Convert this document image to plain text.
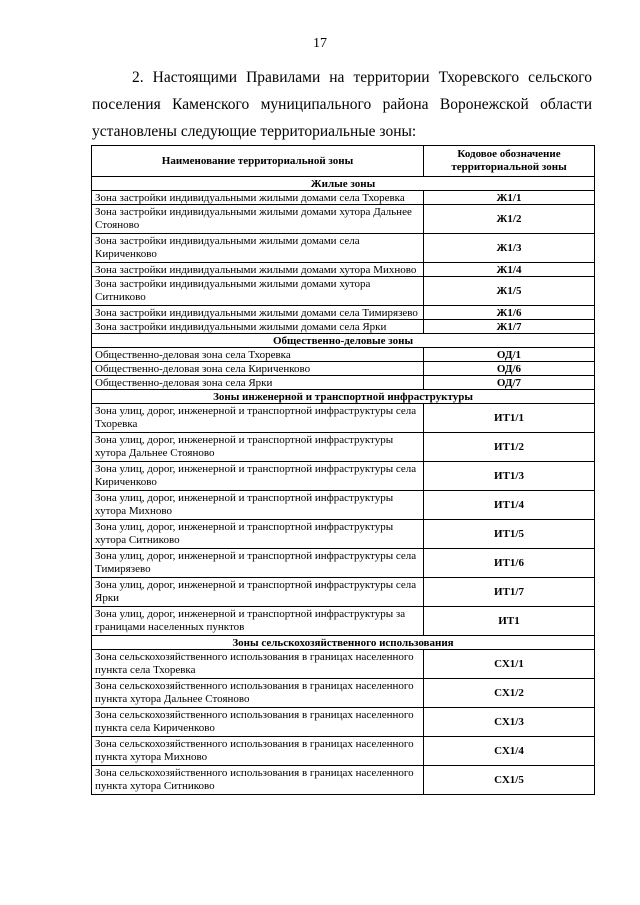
17
2. Настоящими Правилами на территории Тхоревского сельского
поселения Каменского муниципального района Воронежской области
установлены следующие территориальные зоны:
Наименование территориальной зоны	Кодовое обозначение территориальной зоны
Жилые зоны	
Зона застройки индивидуальными жилыми домами села Тхоревка	Ж1/1
Зона застройки индивидуальными жилыми домами хутора Дальнее Стояново	Ж1/2
Зона застройки индивидуальными жилыми домами села Кириченково	Ж1/3
Зона застройки индивидуальными жилыми домами хутора Михново	Ж1/4
Зона застройки индивидуальными жилыми домами хутора Ситниково	Ж1/5
Зона застройки индивидуальными жилыми домами села Тимирязево	Ж1/6
Зона застройки индивидуальными жилыми домами села Ярки	Ж1/7
Общественно-деловые зоны	
Общественно-деловая зона села Тхоревка	ОД/1
Общественно-деловая зона села Кириченково	ОД/6
Общественно-деловая зона села Ярки	ОД/7
Зоны инженерной и транспортной инфраструктуры	
Зона улиц, дорог, инженерной и транспортной инфраструктуры села Тхоревка	ИТ1/1
Зона улиц, дорог, инженерной и транспортной инфраструктуры хутора Дальнее Стояново	ИТ1/2
Зона улиц, дорог, инженерной и транспортной инфраструктуры села Кириченково	ИТ1/3
Зона улиц, дорог, инженерной и транспортной инфраструктуры хутора Михново	ИТ1/4
Зона улиц, дорог, инженерной и транспортной инфраструктуры хутора Ситниково	ИТ1/5
Зона улиц, дорог, инженерной и транспортной инфраструктуры села Тимирязево	ИТ1/6
Зона улиц, дорог, инженерной и транспортной инфраструктуры села Ярки	ИТ1/7
Зона улиц, дорог, инженерной и транспортной инфраструктуры за границами населенных пунктов	ИТ1
Зоны сельскохозяйственного использования	
Зона сельскохозяйственного использования в границах населенного пункта села Тхоревка	СХ1/1
Зона сельскохозяйственного использования в границах населенного пункта хутора Дальнее Стояново	СХ1/2
Зона сельскохозяйственного использования в границах населенного пункта села Кириченково	СХ1/3
Зона сельскохозяйственного использования в границах населенного пункта хутора Михново	СХ1/4
Зона сельскохозяйственного использования в границах населенного пункта хутора Ситниково	СХ1/5
